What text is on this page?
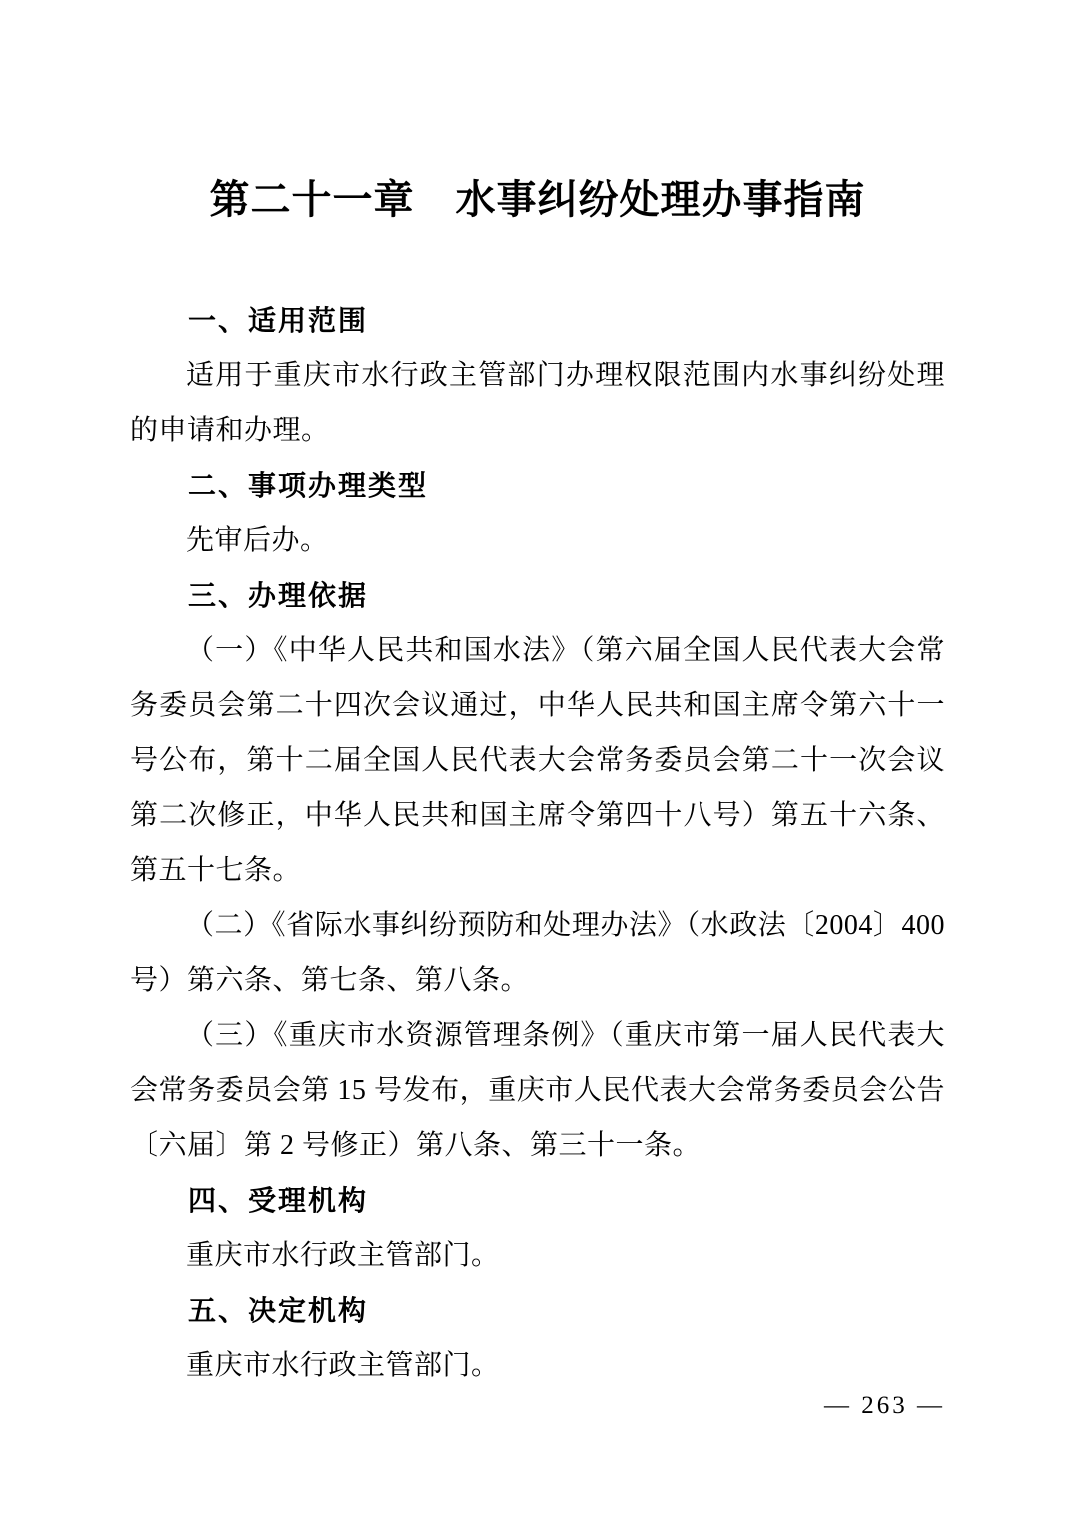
第二十一章　水事纠纷处理办事指南
一、适用范围

适用于重庆市水行政主管部门办理权限范围内水事纠纷处理的申请和办理。

二、事项办理类型

先审后办。

三、办理依据

（一）《中华人民共和国水法》（第六届全国人民代表大会常务委员会第二十四次会议通过，中华人民共和国主席令第六十一号公布，第十二届全国人民代表大会常务委员会第二十一次会议第二次修正，中华人民共和国主席令第四十八号）第五十六条、第五十七条。

（二）《省际水事纠纷预防和处理办法》（水政法〔2004〕400 号）第六条、第七条、第八条。

（三）《重庆市水资源管理条例》（重庆市第一届人民代表大会常务委员会第 15 号发布，重庆市人民代表大会常务委员会公告〔六届〕第 2 号修正）第八条、第三十一条。

四、受理机构

重庆市水行政主管部门。

五、决定机构

重庆市水行政主管部门。

— 263 —
